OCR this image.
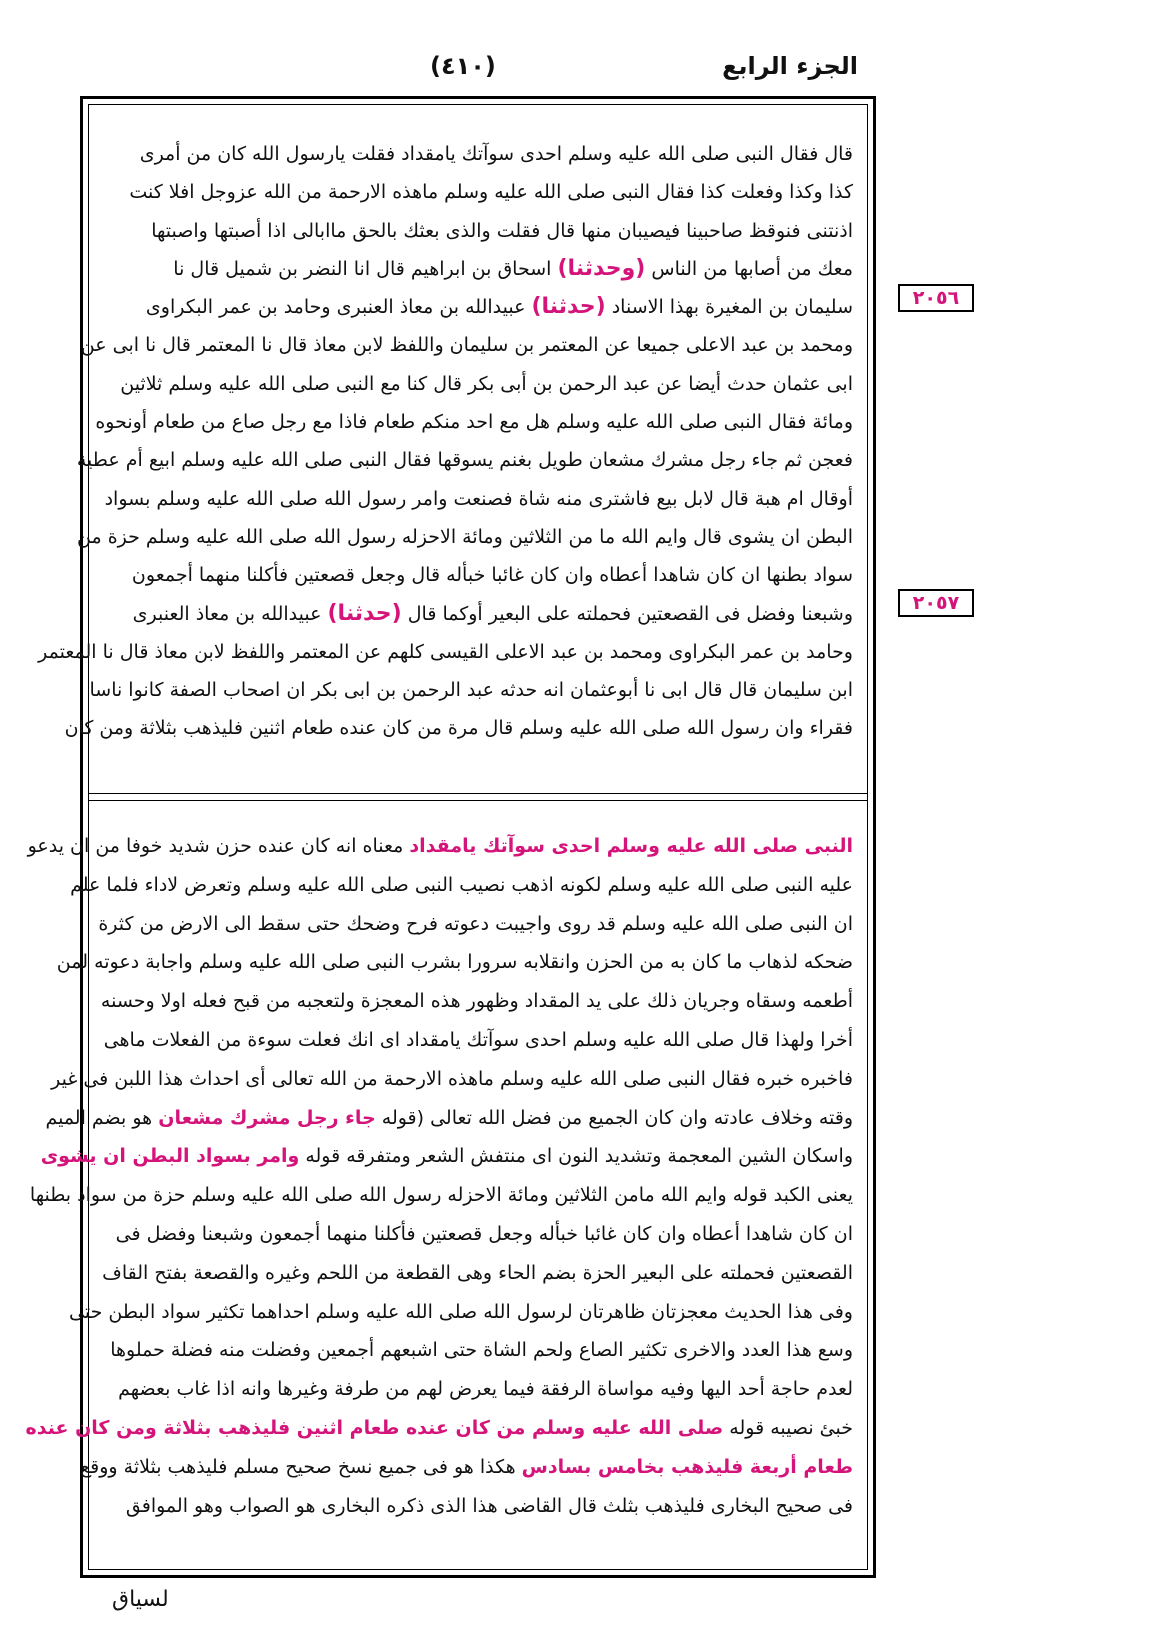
الجزء الرابع
(٤١٠)
قال فقال النبى صلى الله عليه وسلم احدى سوآتك يامقداد فقلت يارسول الله كان من أمرى
كذا وكذا وفعلت كذا فقال النبى صلى الله عليه وسلم ماهذه الارحمة من الله عزوجل افلا كنت
اذنتنى فنوقظ صاحبينا فيصيبان منها قال فقلت والذى بعثك بالحق ماابالى اذا أصبتها واصبتها
معك من أصابها من الناس (وحدثنا) اسحاق بن ابراهيم قال انا النضر بن شميل قال نا
سليمان بن المغيرة بهذا الاسناد (حدثنا) عبيدالله بن معاذ العنبرى وحامد بن عمر البكراوى
ومحمد بن عبد الاعلى جميعا عن المعتمر بن سليمان واللفظ لابن معاذ قال نا المعتمر قال نا ابى عن
ابى عثمان حدث أيضا عن عبد الرحمن بن أبى بكر قال كنا مع النبى صلى الله عليه وسلم ثلاثين
ومائة فقال النبى صلى الله عليه وسلم هل مع احد منكم طعام فاذا مع رجل صاع من طعام أونحوه
فعجن ثم جاء رجل مشرك مشعان طويل بغنم يسوقها فقال النبى صلى الله عليه وسلم ابيع أم عطية
أوقال ام هبة قال لابل بيع فاشترى منه شاة فصنعت وامر رسول الله صلى الله عليه وسلم بسواد
البطن ان يشوى قال وايم الله ما من الثلاثين ومائة الاحزله رسول الله صلى الله عليه وسلم حزة من
سواد بطنها ان كان شاهدا أعطاه وان كان غائبا خبأله قال وجعل قصعتين فأكلنا منهما أجمعون
وشبعنا وفضل فى القصعتين فحملته على البعير أوكما قال (حدثنا) عبيدالله بن معاذ العنبرى
وحامد بن عمر البكراوى ومحمد بن عبد الاعلى القيسى كلهم عن المعتمر واللفظ لابن معاذ قال نا المعتمر
ابن سليمان قال قال ابى نا أبوعثمان انه حدثه عبد الرحمن بن ابى بكر ان اصحاب الصفة كانوا ناسا
فقراء وان رسول الله صلى الله عليه وسلم قال مرة من كان عنده طعام اثنين فليذهب بثلاثة ومن كان
النبى صلى الله عليه وسلم احدى سوآتك يامقداد معناه انه كان عنده حزن شديد خوفا من ان يدعو
عليه النبى صلى الله عليه وسلم لكونه اذهب نصيب النبى صلى الله عليه وسلم وتعرض لاداء فلما علم
ان النبى صلى الله عليه وسلم قد روى واجيبت دعوته فرح وضحك حتى سقط الى الارض من كثرة
ضحكه لذهاب ما كان به من الحزن وانقلابه سرورا بشرب النبى صلى الله عليه وسلم واجابة دعوته لمن
أطعمه وسقاه وجريان ذلك على يد المقداد وظهور هذه المعجزة ولتعجبه من قبح فعله اولا وحسنه
أخرا ولهذا قال صلى الله عليه وسلم احدى سوآتك يامقداد اى انك فعلت سوءة من الفعلات ماهى
فاخبره خبره فقال النبى صلى الله عليه وسلم ماهذه الارحمة من الله تعالى أى احداث هذا اللبن فى غير
وقته وخلاف عادته وان كان الجميع من فضل الله تعالى (قوله جاء رجل مشرك مشعان هو بضم الميم
واسكان الشين المعجمة وتشديد النون اى منتفش الشعر ومتفرقه قوله وامر بسواد البطن ان يشوى
يعنى الكبد قوله وايم الله مامن الثلاثين ومائة الاحزله رسول الله صلى الله عليه وسلم حزة من سواد بطنها
ان كان شاهدا أعطاه وان كان غائبا خبأله وجعل قصعتين فأكلنا منهما أجمعون وشبعنا وفضل فى
القصعتين فحملته على البعير الحزة بضم الحاء وهى القطعة من اللحم وغيره والقصعة بفتح القاف
وفى هذا الحديث معجزتان ظاهرتان لرسول الله صلى الله عليه وسلم احداهما تكثير سواد البطن حتى
وسع هذا العدد والاخرى تكثير الصاع ولحم الشاة حتى اشبعهم أجمعين وفضلت منه فضلة حملوها
لعدم حاجة أحد اليها وفيه مواساة الرفقة فيما يعرض لهم من طرفة وغيرها وانه اذا غاب بعضهم
خبئ نصيبه قوله صلى الله عليه وسلم من كان عنده طعام اثنين فليذهب بثلاثة ومن كان عنده
طعام أربعة فليذهب بخامس بسادس هكذا هو فى جميع نسخ صحيح مسلم فليذهب بثلاثة ووقع
فى صحيح البخارى فليذهب بثلث قال القاضى هذا الذى ذكره البخارى هو الصواب وهو الموافق
٢٠٥٦
٢٠٥٧
لسياق
